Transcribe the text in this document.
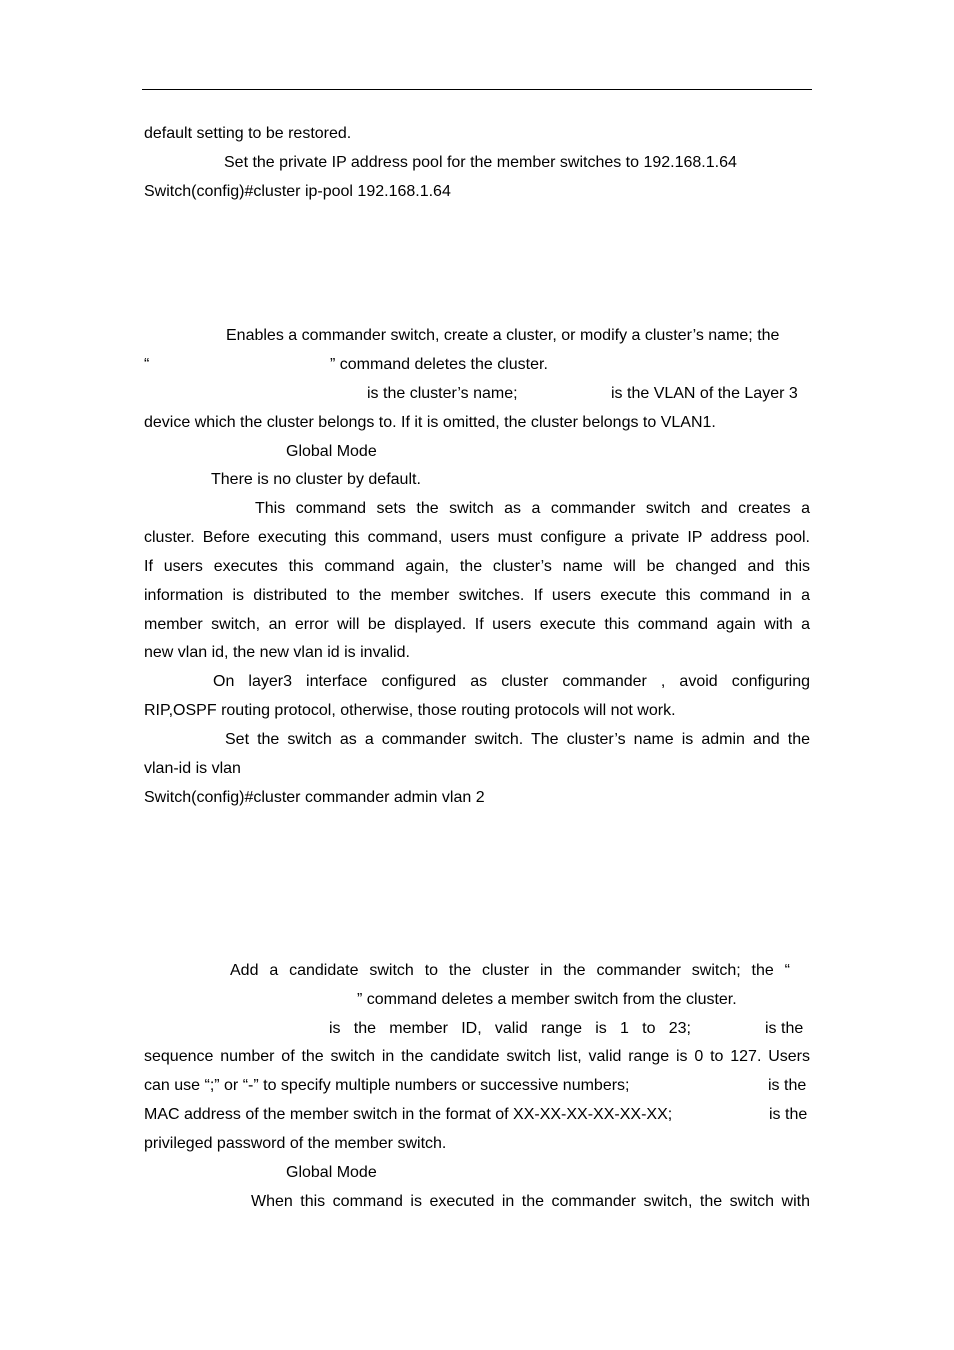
default setting to be restored.
Set the private IP address pool for the member switches to 192.168.1.64
Switch(config)#cluster ip-pool 192.168.1.64
Enables a commander switch, create a cluster, or modify a cluster’s name; the
“	” command deletes the cluster.
is the cluster’s name;	is the VLAN of the Layer 3
device which the cluster belongs to. If it is omitted, the cluster belongs to VLAN1.
Global Mode
There is no cluster by default.
This command sets the switch as a commander switch and creates a
cluster. Before executing this command, users must configure a private IP address pool.
If users executes this command again, the cluster’s name will be changed and this
information is distributed to the member switches. If users execute this command in a
member switch, an error will be displayed. If users execute this command again with a
new vlan id, the new vlan id is invalid.
On layer3 interface configured as cluster commander , avoid configuring
RIP,OSPF routing protocol, otherwise, those routing protocols will not work.
Set the switch as a commander switch. The cluster’s name is admin and the
vlan-id is vlan
Switch(config)#cluster commander admin vlan 2
Add a candidate switch to the cluster in the commander switch; the “
” command deletes a member switch from the cluster.
is the member ID, valid range is 1 to 23;	is the
sequence number of the switch in the candidate switch list, valid range is 0 to 127. Users
can use “;” or “-” to specify multiple numbers or successive numbers;	is the
MAC address of the member switch in the format of XX-XX-XX-XX-XX-XX;	is the
privileged password of the member switch.
Global Mode
When this command is executed in the commander switch, the switch with
